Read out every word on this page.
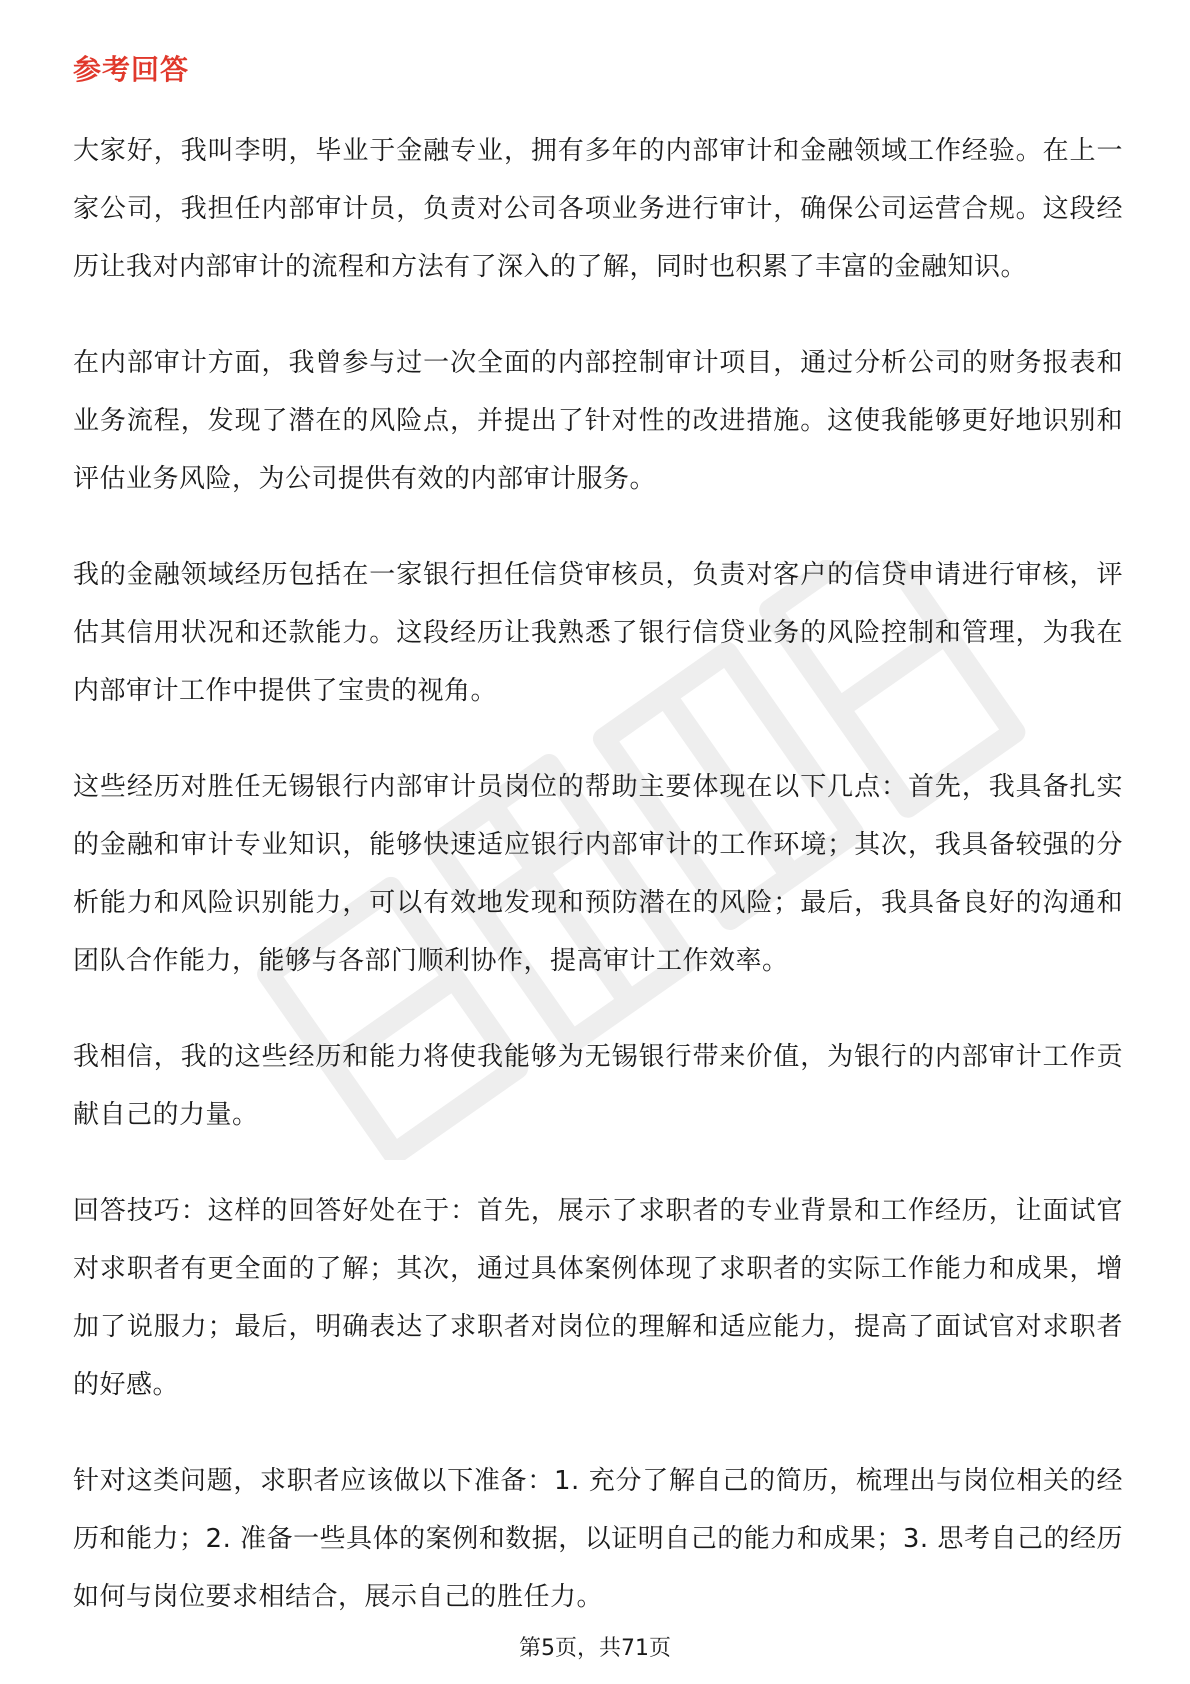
参考回答

大家好，我叫李明，毕业于金融专业，拥有多年的内部审计和金融领域工作经验。在上一家公司，我担任内部审计员，负责对公司各项业务进行审计，确保公司运营合规。这段经历让我对内部审计的流程和方法有了深入的了解，同时也积累了丰富的金融知识。

在内部审计方面，我曾参与过一次全面的内部控制审计项目，通过分析公司的财务报表和业务流程，发现了潜在的风险点，并提出了针对性的改进措施。这使我能够更好地识别和评估业务风险，为公司提供有效的内部审计服务。

我的金融领域经历包括在一家银行担任信贷审核员，负责对客户的信贷申请进行审核，评估其信用状况和还款能力。这段经历让我熟悉了银行信贷业务的风险控制和管理，为我在内部审计工作中提供了宝贵的视角。

这些经历对胜任无锡银行内部审计员岗位的帮助主要体现在以下几点：首先，我具备扎实的金融和审计专业知识，能够快速适应银行内部审计的工作环境；其次，我具备较强的分析能力和风险识别能力，可以有效地发现和预防潜在的风险；最后，我具备良好的沟通和团队合作能力，能够与各部门顺利协作，提高审计工作效率。

我相信，我的这些经历和能力将使我能够为无锡银行带来价值，为银行的内部审计工作贡献自己的力量。

回答技巧：这样的回答好处在于：首先，展示了求职者的专业背景和工作经历，让面试官对求职者有更全面的了解；其次，通过具体案例体现了求职者的实际工作能力和成果，增加了说服力；最后，明确表达了求职者对岗位的理解和适应能力，提高了面试官对求职者的好感。

针对这类问题，求职者应该做以下准备：1. 充分了解自己的简历，梳理出与岗位相关的经历和能力；2. 准备一些具体的案例和数据，以证明自己的能力和成果；3. 思考自己的经历如何与岗位要求相结合，展示自己的胜任力。

第5页，共71页
